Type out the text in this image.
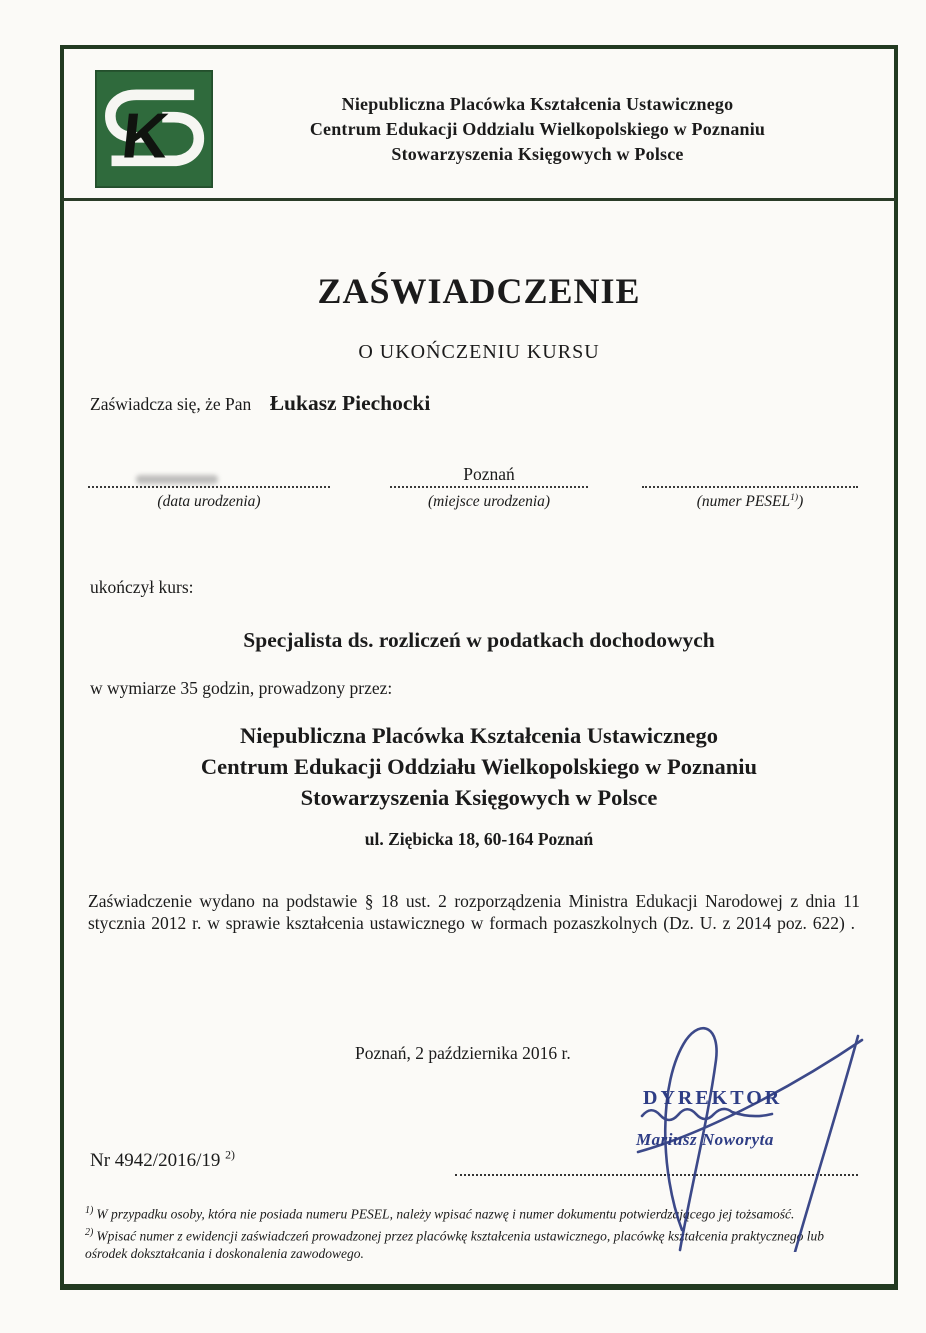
K	Niepubliczna Placówka Kształcenia Ustawicznego
Centrum Edukacji Oddzialu Wielkopolskiego w Poznaniu
Stowarzyszenia Księgowych w Polsce
ZAŚWIADCZENIE
O UKOŃCZENIU KURSU
Zaświadcza się, że Pan Łukasz Piechocki
(data urodzenia)
Poznań
(miejsce urodzenia)	(numer PESEL$^{1)}$)
ukończył kurs:
Specjalista ds. rozliczeń w podatkach dochodowych
w wymiarze 35 godzin, prowadzony przez:
Niepubliczna Placówka Kształcenia Ustawicznego
Centrum Edukacji Oddziału Wielkopolskiego w Poznaniu
Stowarzyszenia Księgowych w Polsce
ul. Ziębicka 18, 60-164 Poznań
Zaświadczenie wydano na podstawie § 18 ust. 2 rozporządzenia Ministra Edukacji Narodowej z dnia 11 stycznia 2012 r. w sprawie kształcenia ustawicznego w formach pozaszkolnych (Dz. U. z 2014 poz. 622) .
Poznań, 2 października 2016 r.
Nr 4942/2016/19 $^{2)}$
DYREKTOR
Mariusz Noworyta
$^{1)}$ W przypadku osoby, która nie posiada numeru PESEL, należy wpisać nazwę i numer dokumentu potwierdzającego jej tożsamość.
$^{2)}$ Wpisać numer z ewidencji zaświadczeń prowadzonej przez placówkę kształcenia ustawicznego, placówkę kształcenia praktycznego lub ośrodek dokształcania i doskonalenia zawodowego.
